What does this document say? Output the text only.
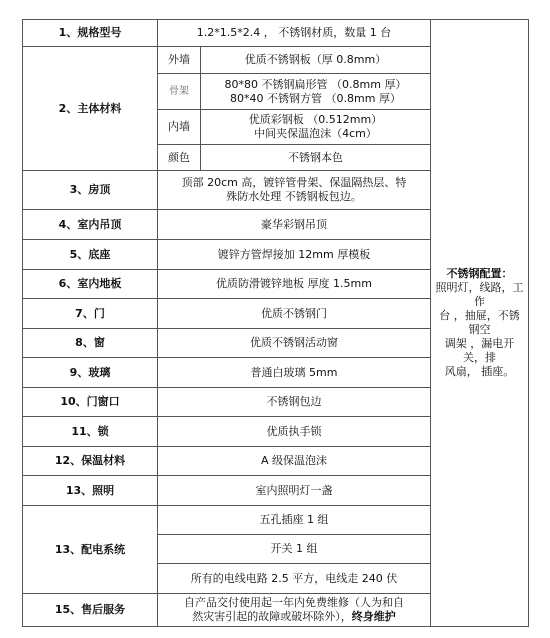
1、规格型号	1.2*1.5*2.4 ， 不锈钢材质，数量 1 台		不锈钢配置：
照明灯，线路，工作
台 ，抽屉，不锈钢空
调架 ，漏电开关，排
风扇， 插座。

2、主体材料	外墙	优质不锈钢板（厚 0.8mm）	
	骨架	80*80 不锈钢扁形管 （0.8mm 厚）
80*40 不锈钢方管 （0.8mm 厚）	

	内墙	优质彩钢板 （0.512mm）
中间夹保温泡沫（4cm）	

	颜色	不锈钢本色	
3、房顶	顶部 20cm 高，镀锌管骨架、保温隔热层、特
殊防水处理 不锈钢板包边。		

4、室内吊顶	豪华彩钢吊顶		
5、底座	镀锌方管焊接加 12mm 厚模板		
6、室内地板	优质防滑镀锌地板 厚度 1.5mm		
7、门	优质不锈钢门		
8、窗	优质不锈钢活动窗		
9、玻璃	普通白玻璃 5mm		
10、门窗口	不锈钢包边		
11、锁	优质执手锁		
12、保温材料	A 级保温泡沫		
13、照明	室内照明灯一盏		
13、配电系统	五孔插座 1 组		
	开关 1 组		
	所有的电线电路 2.5 平方，电线走 240 伏		
15、售后服务	自产品交付使用起一年内免费维修（人为和自
然灾害引起的故障或破坏除外），终身维护		
